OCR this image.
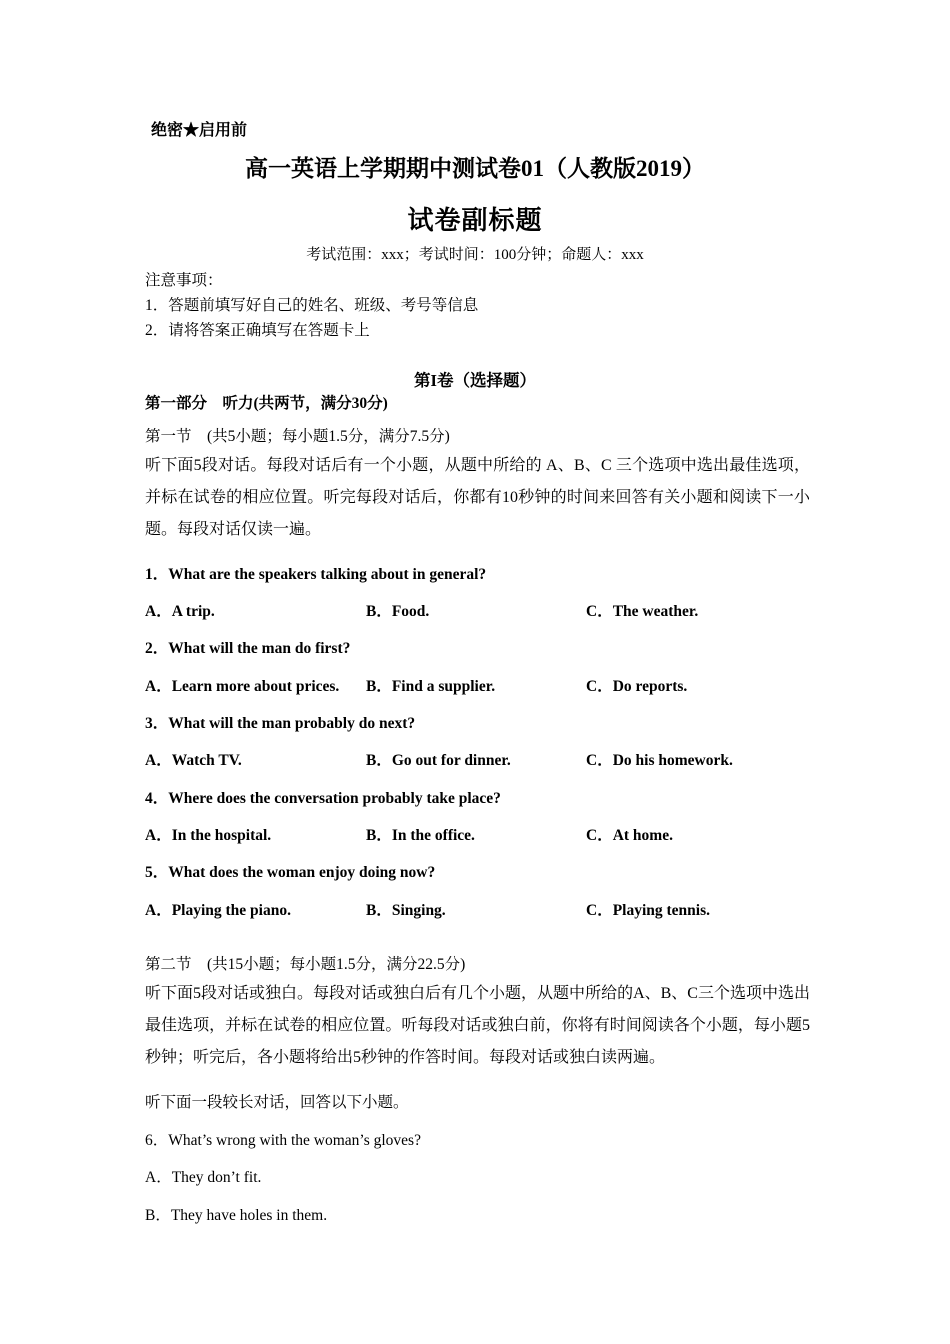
绝密★启用前
高一英语上学期期中测试卷01（人教版2019）
试卷副标题
考试范围：xxx；考试时间：100分钟；命题人：xxx
注意事项：
1．答题前填写好自己的姓名、班级、考号等信息
2．请将答案正确填写在答题卡上
第I卷（选择题）
第一部分　听力(共两节，满分30分)
第一节　(共5小题；每小题1.5分，满分7.5分)
听下面5段对话。每段对话后有一个小题，从题中所给的 A、B、C 三个选项中选出最佳选项，并标在试卷的相应位置。听完每段对话后，你都有10秒钟的时间来回答有关小题和阅读下一小题。每段对话仅读一遍。
1．What are the speakers talking about in general?
A．A trip.	B．Food.	C．The weather.
2．What will the man do first?
A．Learn more about prices. B．Find a supplier.	C．Do reports.
3．What will the man probably do next?
A．Watch TV.	B．Go out for dinner.	C．Do his homework.
4．Where does the conversation probably take place?
A．In the hospital.	B．In the office.	C．At home.
5．What does the woman enjoy doing now?
A．Playing the piano.	B．Singing.	C．Playing tennis.
第二节　(共15小题；每小题1.5分，满分22.5分)
听下面5段对话或独白。每段对话或独白后有几个小题，从题中所给的A、B、C三个选项中选出最佳选项，并标在试卷的相应位置。听每段对话或独白前，你将有时间阅读各个小题，每小题5秒钟；听完后，各小题将给出5秒钟的作答时间。每段对话或独白读两遍。
听下面一段较长对话，回答以下小题。
6．What’s wrong with the woman’s gloves?
A．They don’t fit.
B．They have holes in them.
